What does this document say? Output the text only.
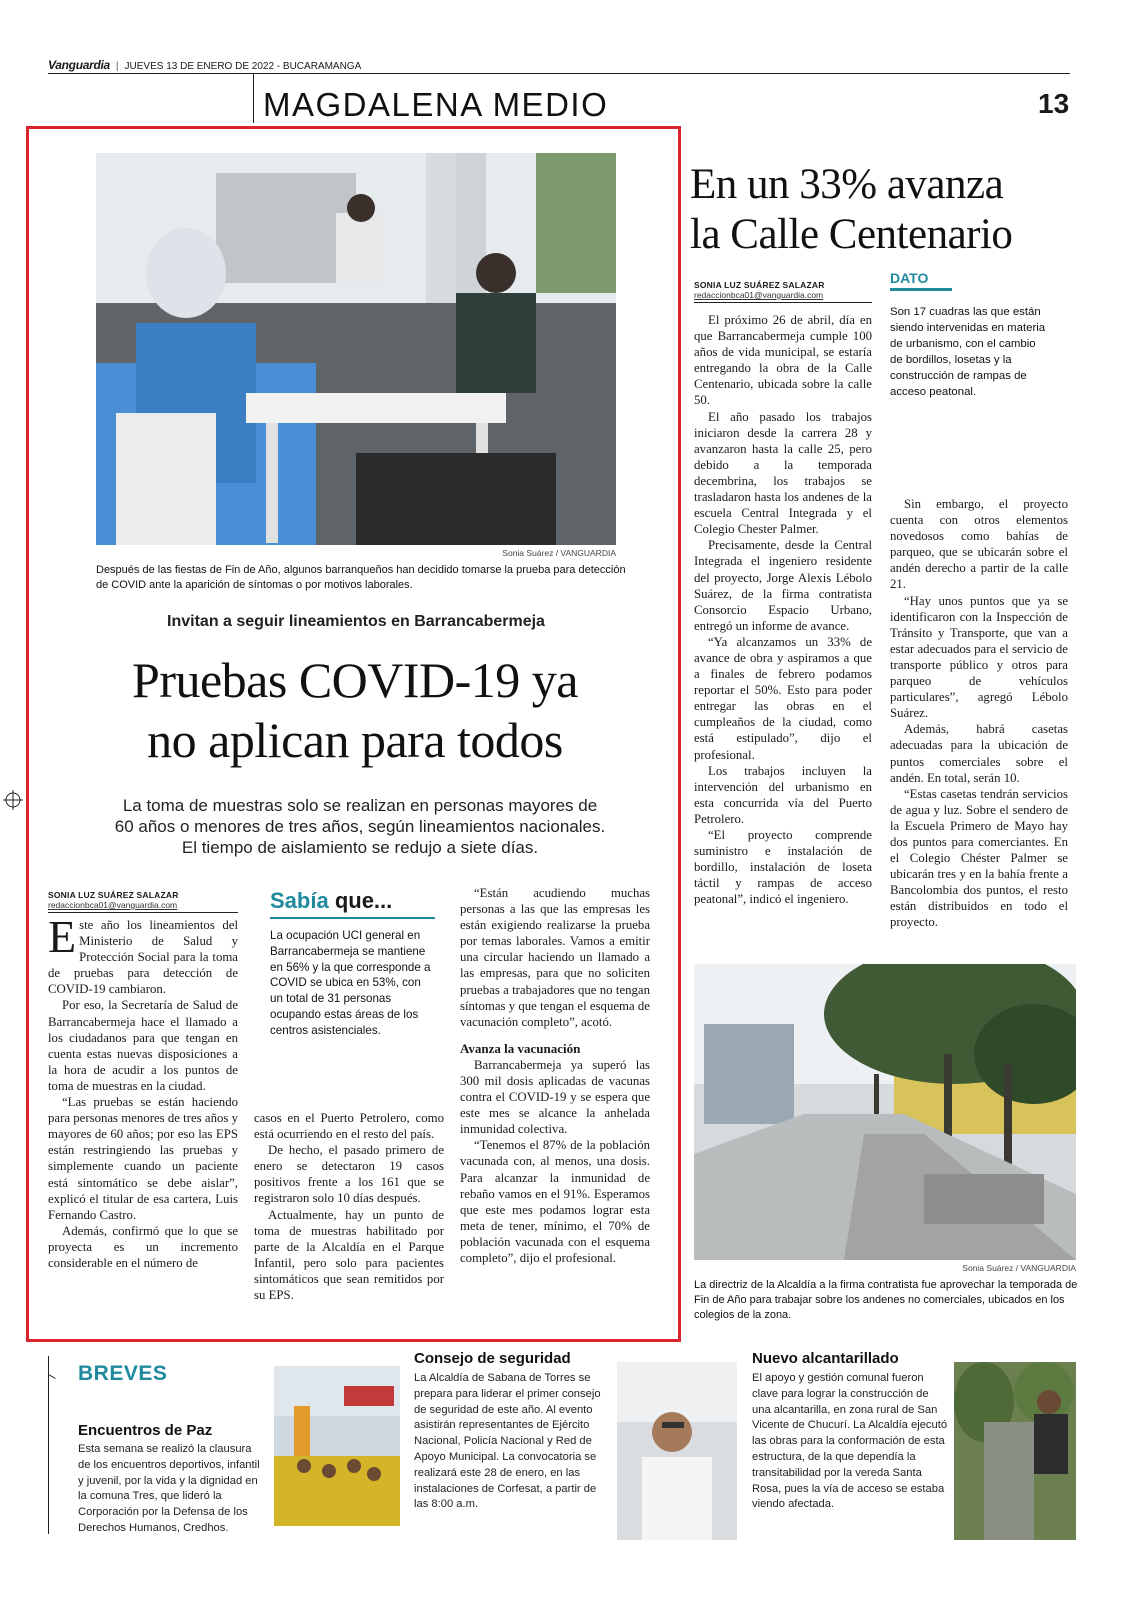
Vanguardia | JUEVES 13 DE ENERO DE 2022 - BUCARAMANGA
MAGDALENA MEDIO	13
Sonia Suárez / VANGUARDIA
Después de las fiestas de Fin de Año, algunos barranqueños han decidido tomarse la prueba para detección de COVID ante la aparición de síntomas o por motivos laborales.
Invitan a seguir lineamientos en Barrancabermeja
Pruebas COVID-19 ya
no aplican para todos
La toma de muestras solo se realizan en personas mayores de
60 años o menores de tres años, según lineamientos nacionales.
El tiempo de aislamiento se redujo a siete días.
SONIA LUZ SUÁREZ SALAZAR
redaccionbca01@vanguardia.com

Este año los lineamientos del Ministerio de Salud y Protección Social para la toma de pruebas para detección de COVID-19 cambiaron.

Por eso, la Secretaría de Salud de Barrancabermeja hace el llamado a los ciudadanos para que tengan en cuenta estas nuevas disposiciones a la hora de acudir a los puntos de toma de muestras en la ciudad.

“Las pruebas se están haciendo para personas menores de tres años y mayores de 60 años; por eso las EPS están restringiendo las pruebas y simplemente cuando un paciente está sintomático se debe aislar”, explicó el titular de esa cartera, Luis Fernando Castro.

Además, confirmó que lo que se proyecta es un incremento considerable en el número de

Sabía que...
La ocupación UCI general en Barrancabermeja se mantiene en 56% y la que corresponde a COVID se ubica en 53%, con un total de 31 personas ocupando estas áreas de los centros asistenciales.

casos en el Puerto Petrolero, como está ocurriendo en el resto del país.

De hecho, el pasado primero de enero se detectaron 19 casos positivos frente a los 161 que se registraron solo 10 días después.

Actualmente, hay un punto de toma de muestras habilitado por parte de la Alcaldía en el Parque Infantil, pero solo para pacientes sintomáticos que sean remitidos por su EPS.

“Están acudiendo muchas personas a las que las empresas les están exigiendo realizarse la prueba por temas laborales. Vamos a emitir una circular haciendo un llamado a las empresas, para que no soliciten pruebas a trabajadores que no tengan síntomas y que tengan el esquema de vacunación completo”, acotó.

Avanza la vacunación

Barrancabermeja ya superó las 300 mil dosis aplicadas de vacunas contra el COVID-19 y se espera que este mes se alcance la anhelada inmunidad colectiva.

“Tenemos el 87% de la población vacunada con, al menos, una dosis. Para alcanzar la inmunidad de rebaño vamos en el 91%. Esperamos que este mes podamos lograr esta meta de tener, mínimo, el 70% de población vacunada con el esquema completo”, dijo el profesional.

En un 33% avanza
la Calle Centenario
SONIA LUZ SUÁREZ SALAZAR
redaccionbca01@vanguardia.com
DATO
Son 17 cuadras las que están siendo intervenidas en materia de urbanismo, con el cambio de bordillos, losetas y la construcción de rampas de acceso peatonal.

El próximo 26 de abril, día en que Barrancabermeja cumple 100 años de vida municipal, se estaría entregando la obra de la Calle Centenario, ubicada sobre la calle 50.

El año pasado los trabajos iniciaron desde la carrera 28 y avanzaron hasta la calle 25, pero debido a la temporada decembrina, los trabajos se trasladaron hasta los andenes de la escuela Central Integrada y el Colegio Chester Palmer.

Precisamente, desde la Central Integrada el ingeniero residente del proyecto, Jorge Alexis Lébolo Suárez, de la firma contratista Consorcio Espacio Urbano, entregó un informe de avance.

“Ya alcanzamos un 33% de avance de obra y aspiramos a que a finales de febrero podamos reportar el 50%. Esto para poder entregar las obras en el cumpleaños de la ciudad, como está estipulado”, dijo el profesional.

Los trabajos incluyen la intervención del urbanismo en esta concurrida vía del Puerto Petrolero.

“El proyecto comprende suministro e instalación de bordillo, instalación de loseta táctil y rampas de acceso peatonal”, indicó el ingeniero.

Sin embargo, el proyecto cuenta con otros elementos novedosos como bahías de parqueo, que se ubicarán sobre el andén derecho a partir de la calle 21.

“Hay unos puntos que ya se identificaron con la Inspección de Tránsito y Transporte, que van a estar adecuados para el servicio de transporte público y otros para parqueo de vehículos particulares”, agregó Lébolo Suárez.

Además, habrá casetas adecuadas para la ubicación de puntos comerciales sobre el andén. En total, serán 10.

“Estas casetas tendrán servicios de agua y luz. Sobre el sendero de la Escuela Primero de Mayo hay dos puntos para comerciantes. En el Colegio Chéster Palmer se ubicarán tres y en la bahía frente a Bancolombia dos puntos, el resto están distribuidos en todo el proyecto.

Sonia Suárez / VANGUARDIA
La directriz de la Alcaldía a la firma contratista fue aprovechar la temporada de Fin de Año para trabajar sobre los andenes no comerciales, ubicados en los colegios de la zona.
BREVES
Encuentros de Paz
Esta semana se realizó la clausura de los encuentros deportivos, infantil y juvenil, por la vida y la dignidad en la comuna Tres, que lideró la Corporación por la Defensa de los Derechos Humanos, Credhos.
Consejo de seguridad
La Alcaldía de Sabana de Torres se prepara para liderar el primer consejo de seguridad de este año. Al evento asistirán representantes de Ejército Nacional, Policía Nacional y Red de Apoyo Municipal. La convocatoria se realizará este 28 de enero, en las instalaciones de Corfesat, a partir de las 8:00 a.m.
Nuevo alcantarillado
El apoyo y gestión comunal fueron clave para lograr la construcción de una alcantarilla, en zona rural de San Vicente de Chucurí. La Alcaldía ejecutó las obras para la conformación de esta estructura, de la que dependía la transitabilidad por la vereda Santa Rosa, pues la vía de acceso se estaba viendo afectada.
